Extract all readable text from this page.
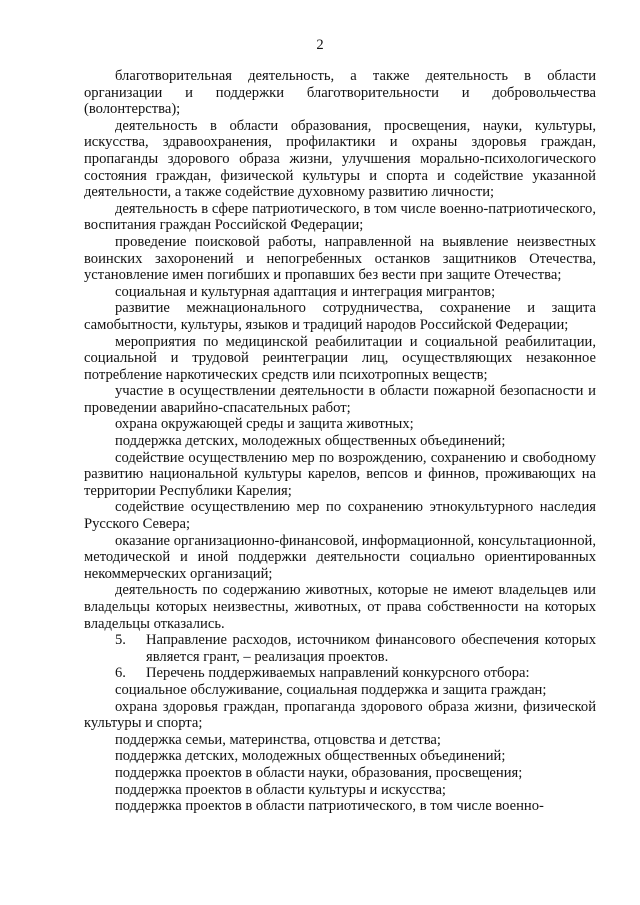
2

благотворительная деятельность, а также деятельность в области организации и поддержки благотворительности и добровольчества (волонтерства);

деятельность в области образования, просвещения, науки, культуры, искусства, здравоохранения, профилактики и охраны здоровья граждан, пропаганды здорового образа жизни, улучшения морально-психологического состояния граждан, физической культуры и спорта и содействие указанной деятельности, а также содействие духовному развитию личности;

деятельность в сфере патриотического, в том числе военно-патриотического, воспитания граждан Российской Федерации;

проведение поисковой работы, направленной на выявление неизвестных воинских захоронений и непогребенных останков защитников Отечества, установление имен погибших и пропавших без вести при защите Отечества;

социальная и культурная адаптация и интеграция мигрантов;

развитие межнационального сотрудничества, сохранение и защита самобытности, культуры, языков и традиций народов Российской Федерации;

мероприятия по медицинской реабилитации и социальной реабилитации, социальной и трудовой реинтеграции лиц, осуществляющих незаконное потребление наркотических средств или психотропных веществ;

участие в осуществлении деятельности в области пожарной безопасности и проведении аварийно-спасательных работ;

охрана окружающей среды и защита животных;

поддержка детских, молодежных общественных объединений;

содействие осуществлению мер по возрождению, сохранению и свободному развитию национальной культуры карелов, вепсов и финнов, проживающих на территории Республики Карелия;

содействие осуществлению мер по сохранению этнокультурного наследия Русского Севера;

оказание организационно-финансовой, информационной, консультационной, методической и иной поддержки деятельности социально ориентированных некоммерческих организаций;

деятельность по содержанию животных, которые не имеют владельцев или владельцы которых неизвестны, животных, от права собственности на которых владельцы отказались.

5.	Направление расходов, источником финансового обеспечения которых является грант, – реализация проектов.

6.	Перечень поддерживаемых направлений конкурсного отбора:

социальное обслуживание, социальная поддержка и защита граждан;

охрана здоровья граждан, пропаганда здорового образа жизни, физической культуры и спорта;

поддержка семьи, материнства, отцовства и детства;

поддержка детских, молодежных общественных объединений;

поддержка проектов в области науки, образования, просвещения;

поддержка проектов в области культуры и искусства;

поддержка проектов в области патриотического, в том числе военно-
